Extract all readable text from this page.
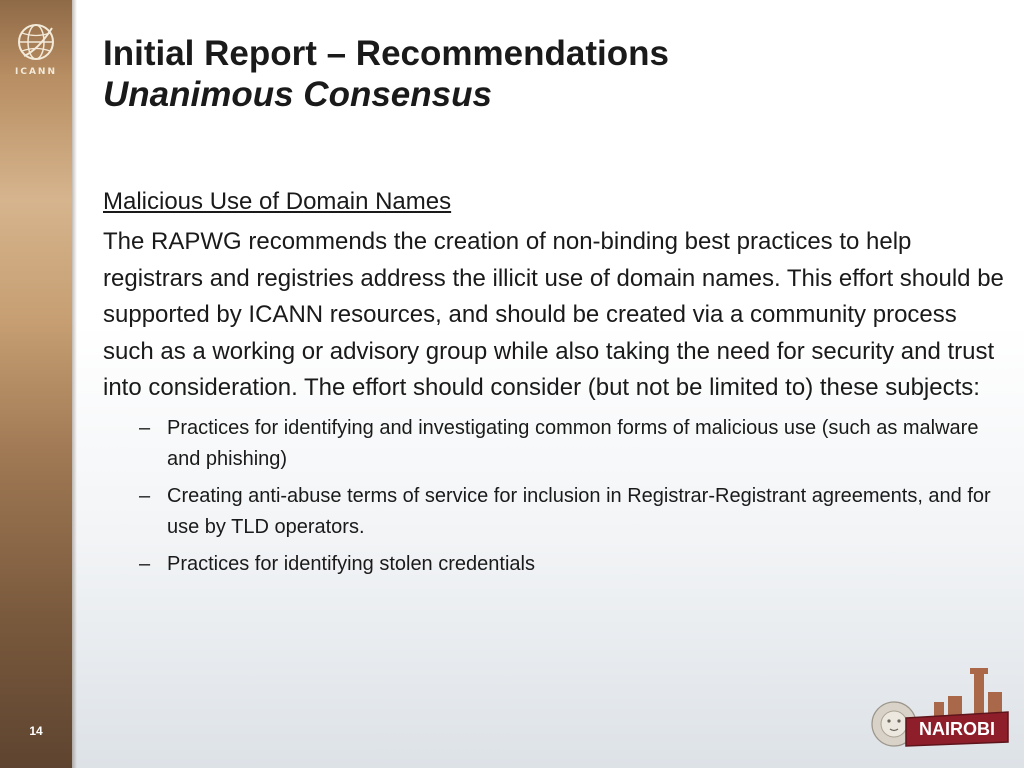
ICANN
14
Initial Report – Recommendations
Unanimous Consensus
Malicious Use of Domain Names

The RAPWG recommends the creation of non-binding best practices to help registrars and registries address the illicit use of domain names. This effort should be supported by ICANN resources, and should be created via a community process such as a working or advisory group while also taking the need for security and trust into consideration. The effort should consider (but not be limited to) these subjects:

– Practices for identifying and investigating common forms of malicious use (such as malware and phishing)
– Creating anti-abuse terms of service for inclusion in Registrar-Registrant agreements, and for use by TLD operators.
– Practices for identifying stolen credentials
NAIROBI
